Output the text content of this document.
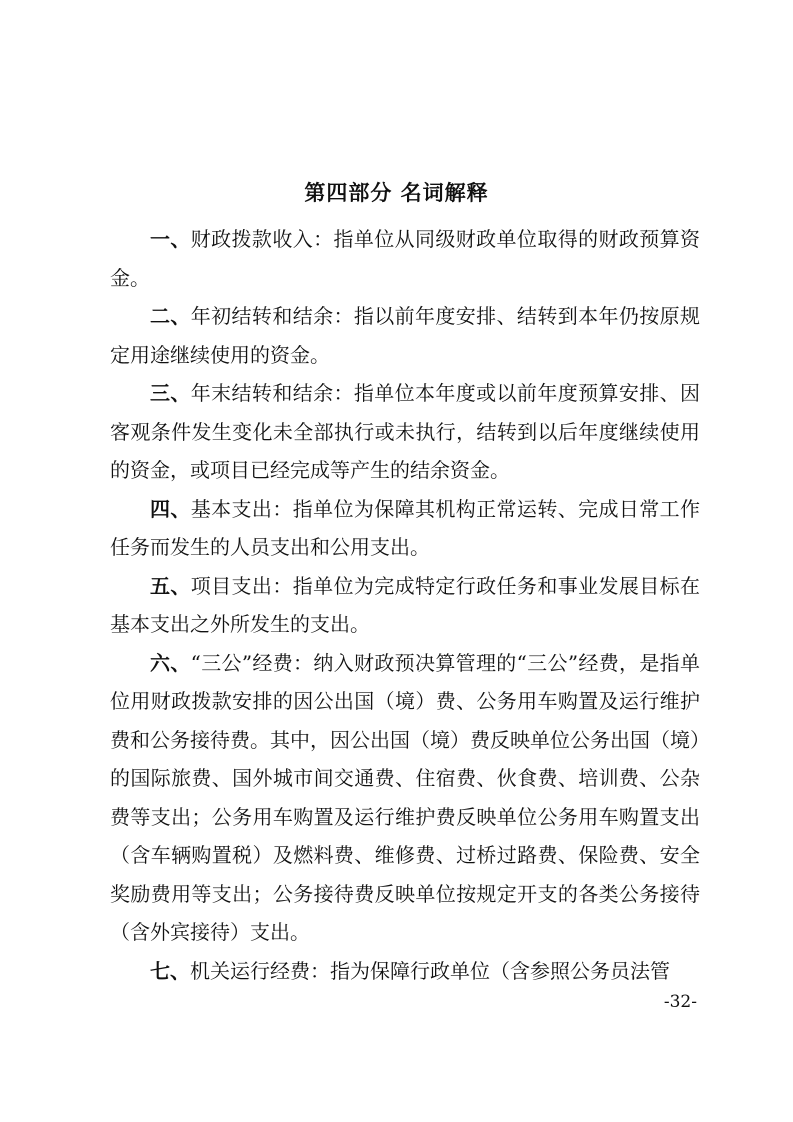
第四部分 名词解释

一、财政拨款收入：指单位从同级财政单位取得的财政预算资金。

二、年初结转和结余：指以前年度安排、结转到本年仍按原规定用途继续使用的资金。

三、年末结转和结余：指单位本年度或以前年度预算安排、因客观条件发生变化未全部执行或未执行，结转到以后年度继续使用的资金，或项目已经完成等产生的结余资金。

四、基本支出：指单位为保障其机构正常运转、完成日常工作任务而发生的人员支出和公用支出。

五、项目支出：指单位为完成特定行政任务和事业发展目标在基本支出之外所发生的支出。

六、“三公”经费：纳入财政预决算管理的“三公”经费，是指单位用财政拨款安排的因公出国（境）费、公务用车购置及运行维护费和公务接待费。其中，因公出国（境）费反映单位公务出国（境）的国际旅费、国外城市间交通费、住宿费、伙食费、培训费、公杂费等支出；公务用车购置及运行维护费反映单位公务用车购置支出（含车辆购置税）及燃料费、维修费、过桥过路费、保险费、安全奖励费用等支出；公务接待费反映单位按规定开支的各类公务接待（含外宾接待）支出。

七、机关运行经费：指为保障行政单位（含参照公务员法管

-32-
